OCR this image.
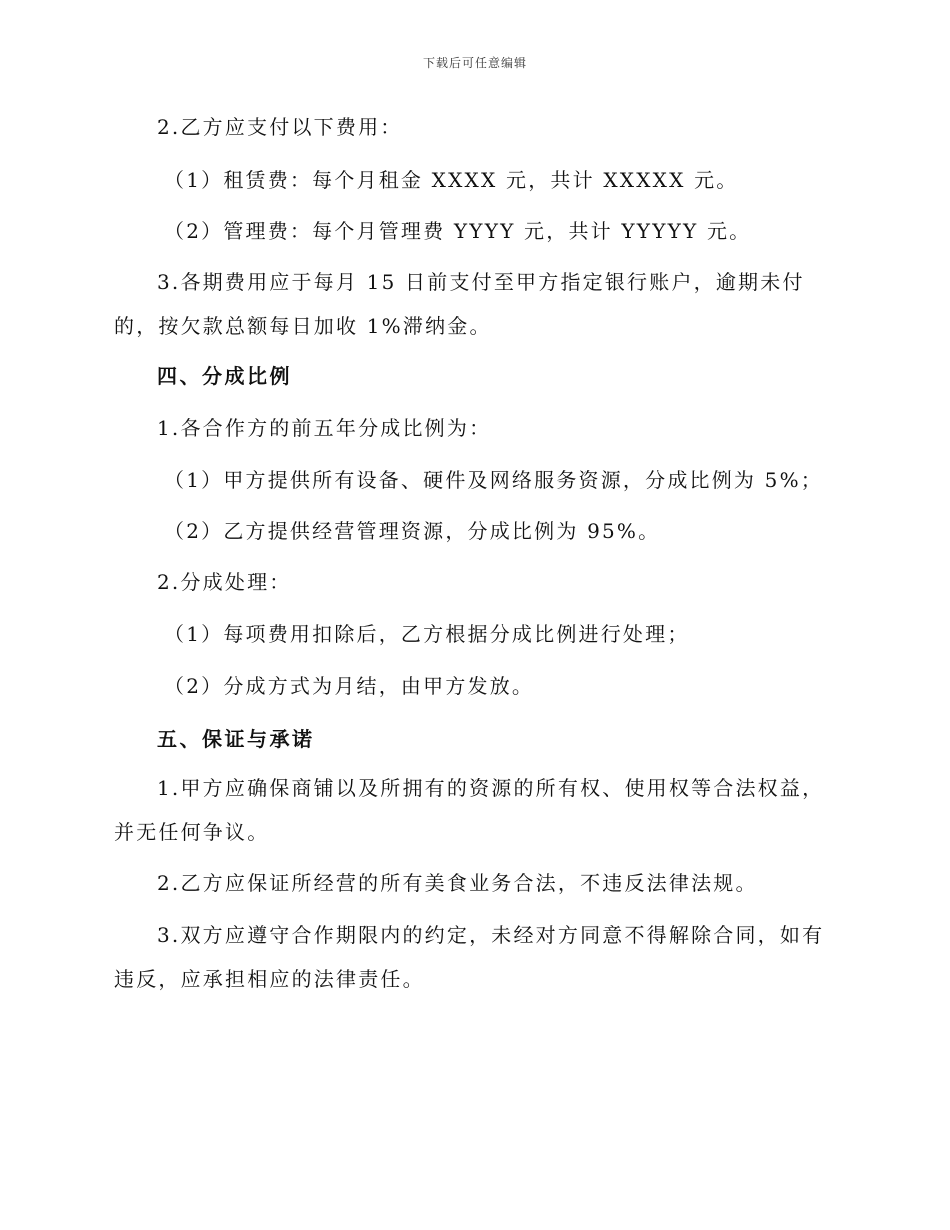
下载后可任意编辑

2.乙方应支付以下费用：

（1）租赁费：每个月租金 XXXX 元，共计 XXXXX 元。

（2）管理费：每个月管理费 YYYY 元，共计 YYYYY 元。

3.各期费用应于每月 15 日前支付至甲方指定银行账户，逾期未付的，按欠款总额每日加收 1%滞纳金。

四、分成比例

1.各合作方的前五年分成比例为：

（1）甲方提供所有设备、硬件及网络服务资源，分成比例为 5%；

（2）乙方提供经营管理资源，分成比例为 95%。

2.分成处理：

（1）每项费用扣除后，乙方根据分成比例进行处理；

（2）分成方式为月结，由甲方发放。

五、保证与承诺

1.甲方应确保商铺以及所拥有的资源的所有权、使用权等合法权益，并无任何争议。

2.乙方应保证所经营的所有美食业务合法，不违反法律法规。

3.双方应遵守合作期限内的约定，未经对方同意不得解除合同，如有违反，应承担相应的法律责任。
